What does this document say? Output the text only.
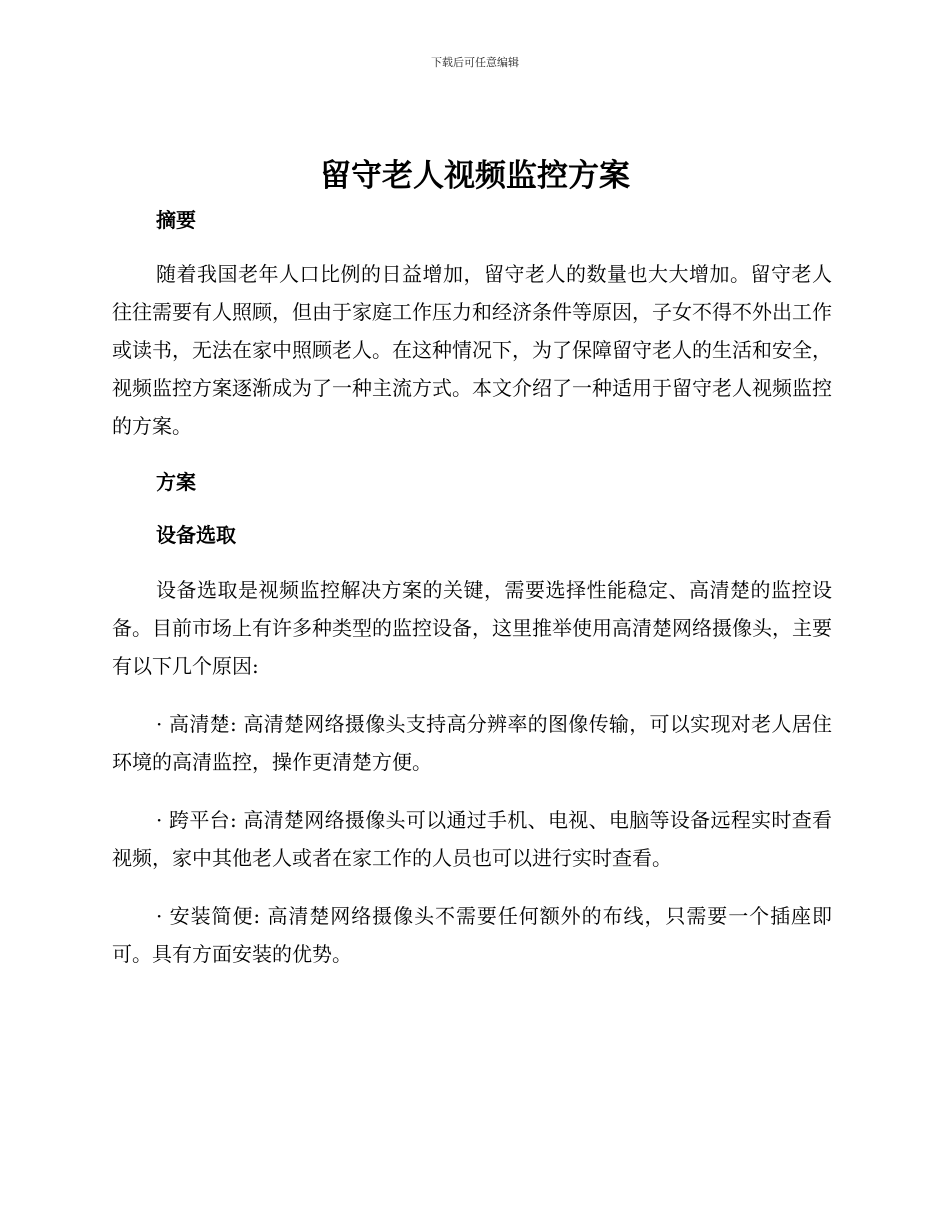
下载后可任意编辑
留守老人视频监控方案
摘要

随着我国老年人口比例的日益增加，留守老人的数量也大大增加。留守老人往往需要有人照顾，但由于家庭工作压力和经济条件等原因，子女不得不外出工作或读书，无法在家中照顾老人。在这种情况下，为了保障留守老人的生活和安全，视频监控方案逐渐成为了一种主流方式。本文介绍了一种适用于留守老人视频监控的方案。

方案
设备选取

设备选取是视频监控解决方案的关键，需要选择性能稳定、高清楚的监控设备。目前市场上有许多种类型的监控设备，这里推举使用高清楚网络摄像头，主要有以下几个原因:

· 高清楚: 高清楚网络摄像头支持高分辨率的图像传输，可以实现对老人居住环境的高清监控，操作更清楚方便。

· 跨平台: 高清楚网络摄像头可以通过手机、电视、电脑等设备远程实时查看视频，家中其他老人或者在家工作的人员也可以进行实时查看。

· 安装简便: 高清楚网络摄像头不需要任何额外的布线，只需要一个插座即可。具有方面安装的优势。
